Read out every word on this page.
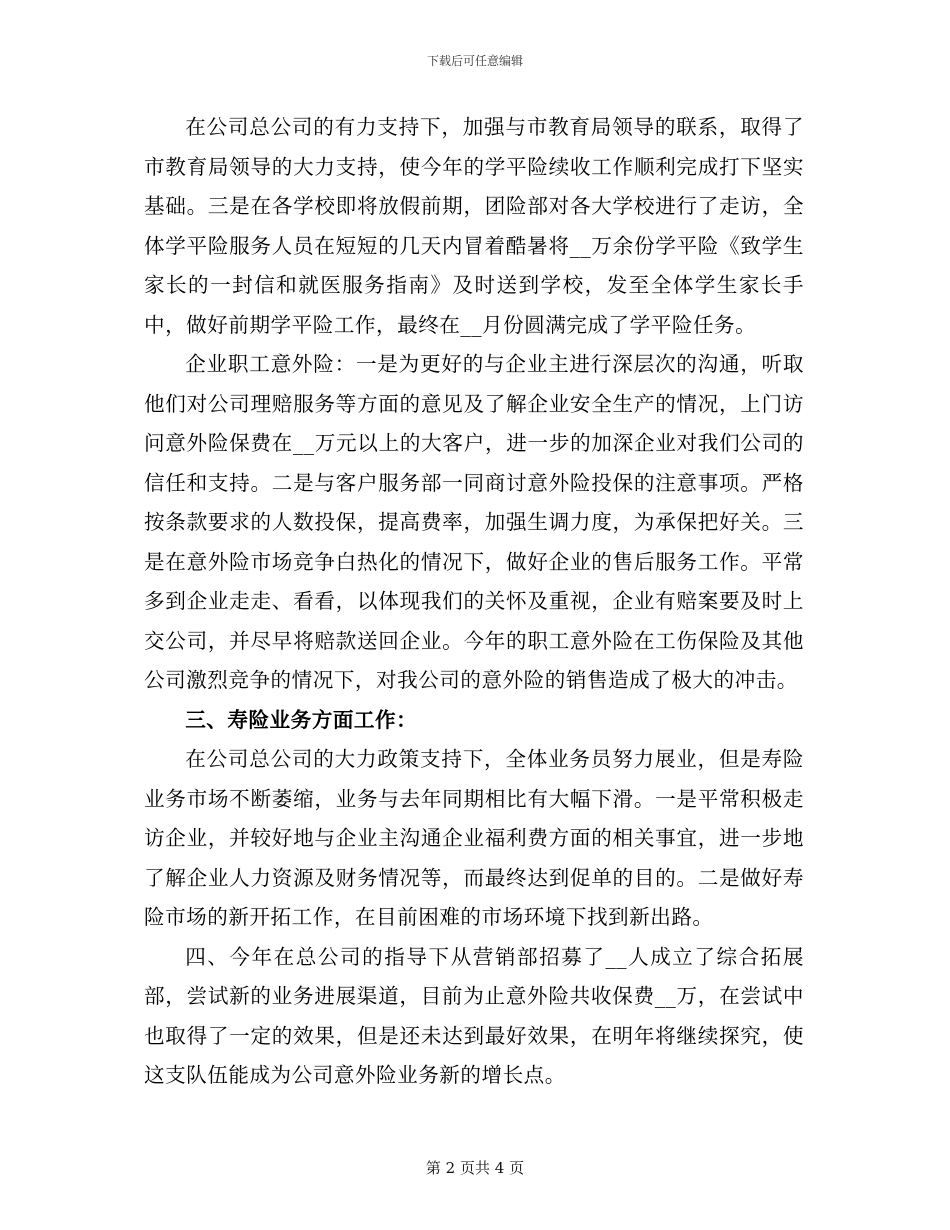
下载后可任意编辑

在公司总公司的有力支持下，加强与市教育局领导的联系，取得了市教育局领导的大力支持，使今年的学平险续收工作顺利完成打下坚实基础。三是在各学校即将放假前期，团险部对各大学校进行了走访，全体学平险服务人员在短短的几天内冒着酷暑将__万余份学平险《致学生家长的一封信和就医服务指南》及时送到学校，发至全体学生家长手中，做好前期学平险工作，最终在__月份圆满完成了学平险任务。

企业职工意外险：一是为更好的与企业主进行深层次的沟通，听取他们对公司理赔服务等方面的意见及了解企业安全生产的情况，上门访问意外险保费在__万元以上的大客户，进一步的加深企业对我们公司的信任和支持。二是与客户服务部一同商讨意外险投保的注意事项。严格按条款要求的人数投保，提高费率，加强生调力度，为承保把好关。三是在意外险市场竞争白热化的情况下，做好企业的售后服务工作。平常多到企业走走、看看，以体现我们的关怀及重视，企业有赔案要及时上交公司，并尽早将赔款送回企业。今年的职工意外险在工伤保险及其他公司激烈竞争的情况下，对我公司的意外险的销售造成了极大的冲击。

三、寿险业务方面工作：

在公司总公司的大力政策支持下，全体业务员努力展业，但是寿险业务市场不断萎缩，业务与去年同期相比有大幅下滑。一是平常积极走访企业，并较好地与企业主沟通企业福利费方面的相关事宜，进一步地了解企业人力资源及财务情况等，而最终达到促单的目的。二是做好寿险市场的新开拓工作，在目前困难的市场环境下找到新出路。

四、今年在总公司的指导下从营销部招募了__人成立了综合拓展部，尝试新的业务进展渠道，目前为止意外险共收保费__万，在尝试中也取得了一定的效果，但是还未达到最好效果，在明年将继续探究，使这支队伍能成为公司意外险业务新的增长点。

第 2 页共 4 页
